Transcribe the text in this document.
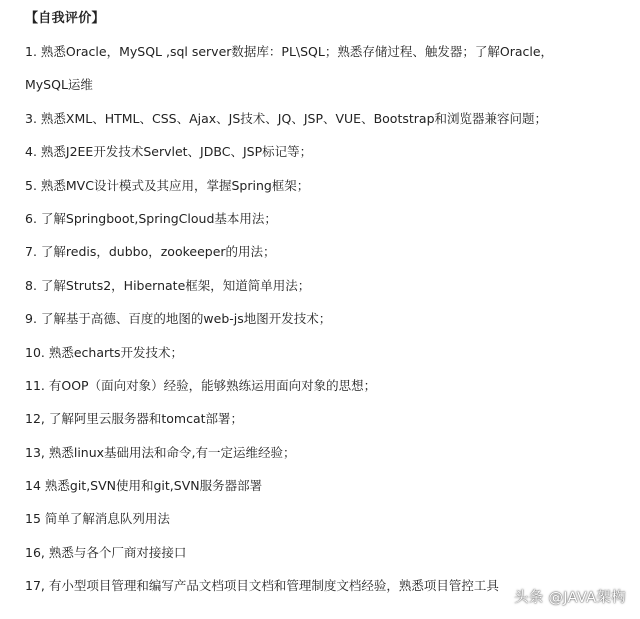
【自我评价】
1. 熟悉Oracle，MySQL ,sql server数据库：PL\SQL；熟悉存储过程、触发器；了解Oracle，
MySQL运维
3. 熟悉XML、HTML、CSS、Ajax、JS技术、JQ、JSP、VUE、Bootstrap和浏览器兼容问题；
4. 熟悉J2EE开发技术Servlet、JDBC、JSP标记等；
5. 熟悉MVC设计模式及其应用，掌握Spring框架；
6. 了解Springboot,SpringCloud基本用法；
7. 了解redis，dubbo，zookeeper的用法；
8. 了解Struts2，Hibernate框架，知道简单用法；
9. 了解基于高德、百度的地图的web-js地图开发技术；
10. 熟悉echarts开发技术；
11. 有OOP（面向对象）经验，能够熟练运用面向对象的思想；
12, 了解阿里云服务器和tomcat部署；
13, 熟悉linux基础用法和命令,有一定运维经验；
14 熟悉git,SVN使用和git,SVN服务器部署
15 简单了解消息队列用法
16, 熟悉与各个厂商对接接口
17, 有小型项目管理和编写产品文档项目文档和管理制度文档经验，熟悉项目管控工具
头条 @JAVA架构
